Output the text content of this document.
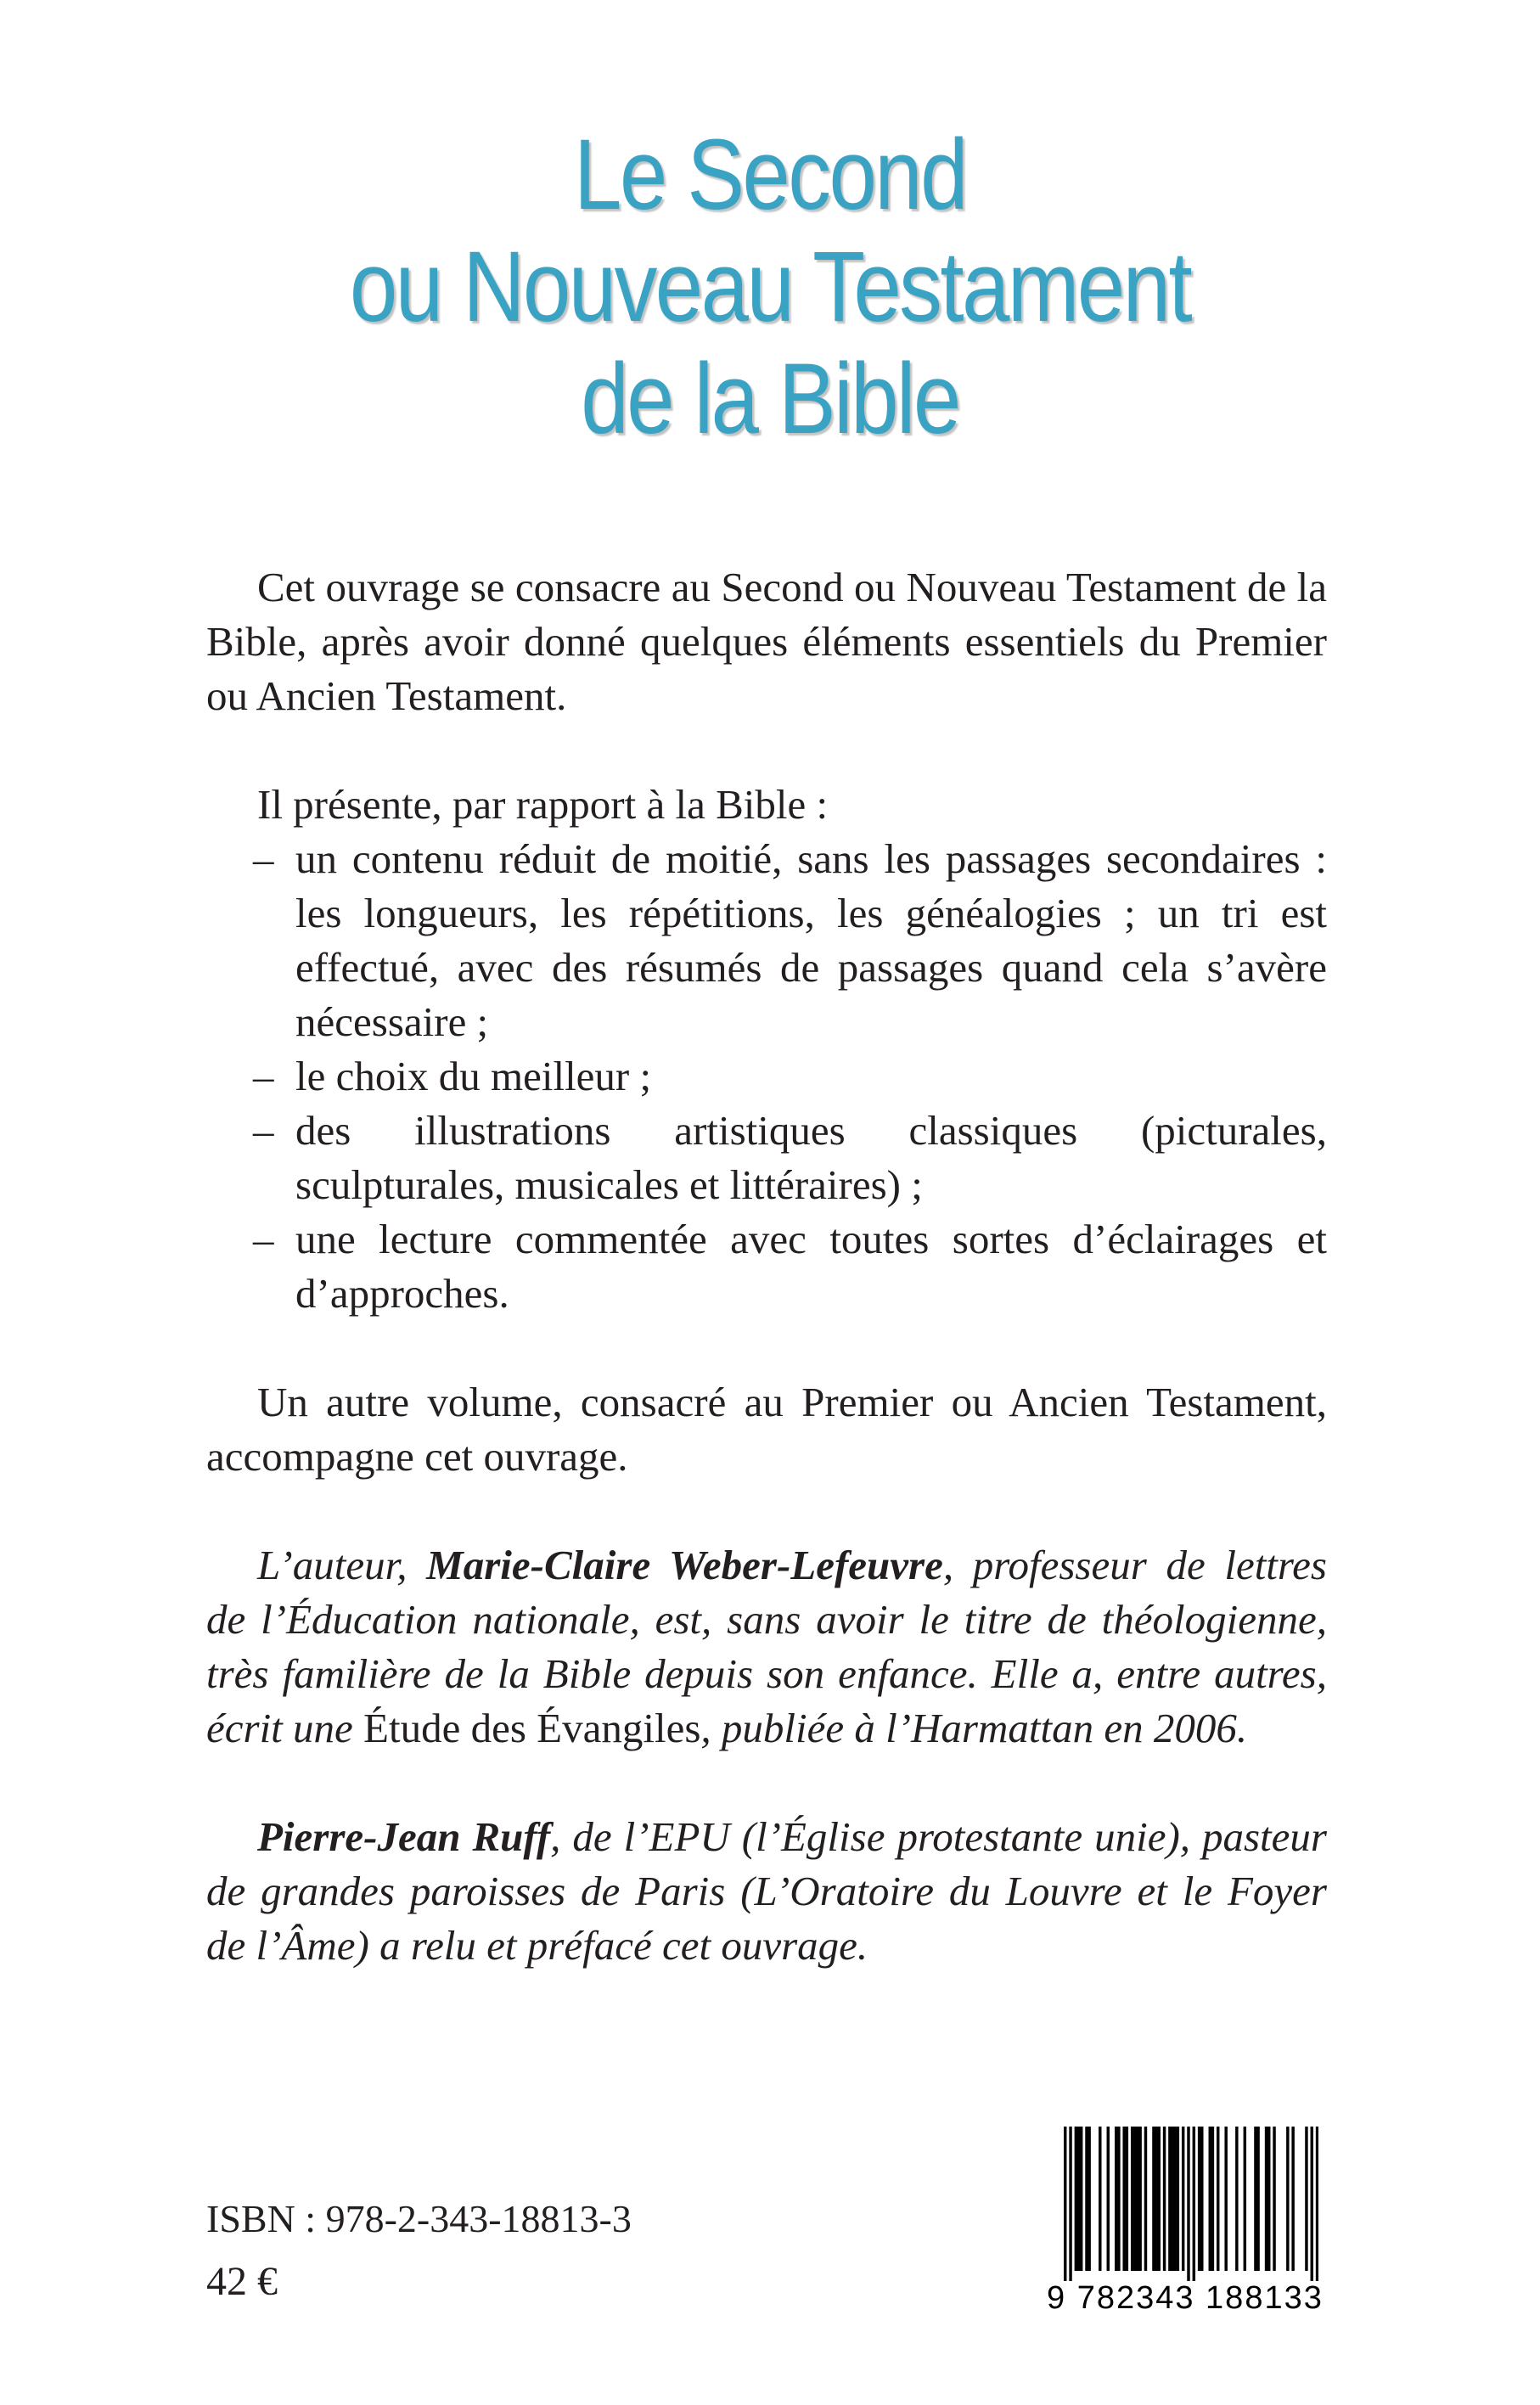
Le Second
ou Nouveau Testament
de la Bible

Cet ouvrage se consacre au Second ou Nouveau Testament de la Bible, après avoir donné quelques éléments essentiels du Premier ou Ancien Testament.

Il présente, par rapport à la Bible :

– un contenu réduit de moitié, sans les passages secondaires : les longueurs, les répétitions, les généalogies ; un tri est effectué, avec des résumés de passages quand cela s’avère nécessaire ;
– le choix du meilleur ;
– des illustrations artistiques classiques (picturales, sculpturales, musicales et littéraires) ;
– une lecture commentée avec toutes sortes d’éclairages et d’approches.

Un autre volume, consacré au Premier ou Ancien Testament, accompagne cet ouvrage.

L’auteur, Marie-Claire Weber-Lefeuvre, professeur de lettres de l’Éducation nationale, est, sans avoir le titre de théologienne, très familière de la Bible depuis son enfance. Elle a, entre autres, écrit une Étude des Évangiles, publiée à l’Harmattan en 2006.

Pierre-Jean Ruff, de l’EPU (l’Église protestante unie), pasteur de grandes paroisses de Paris (L’Oratoire du Louvre et le Foyer de l’Âme) a relu et préfacé cet ouvrage.

ISBN : 978-2-343-18813-3
42 €	9 782343 188133
